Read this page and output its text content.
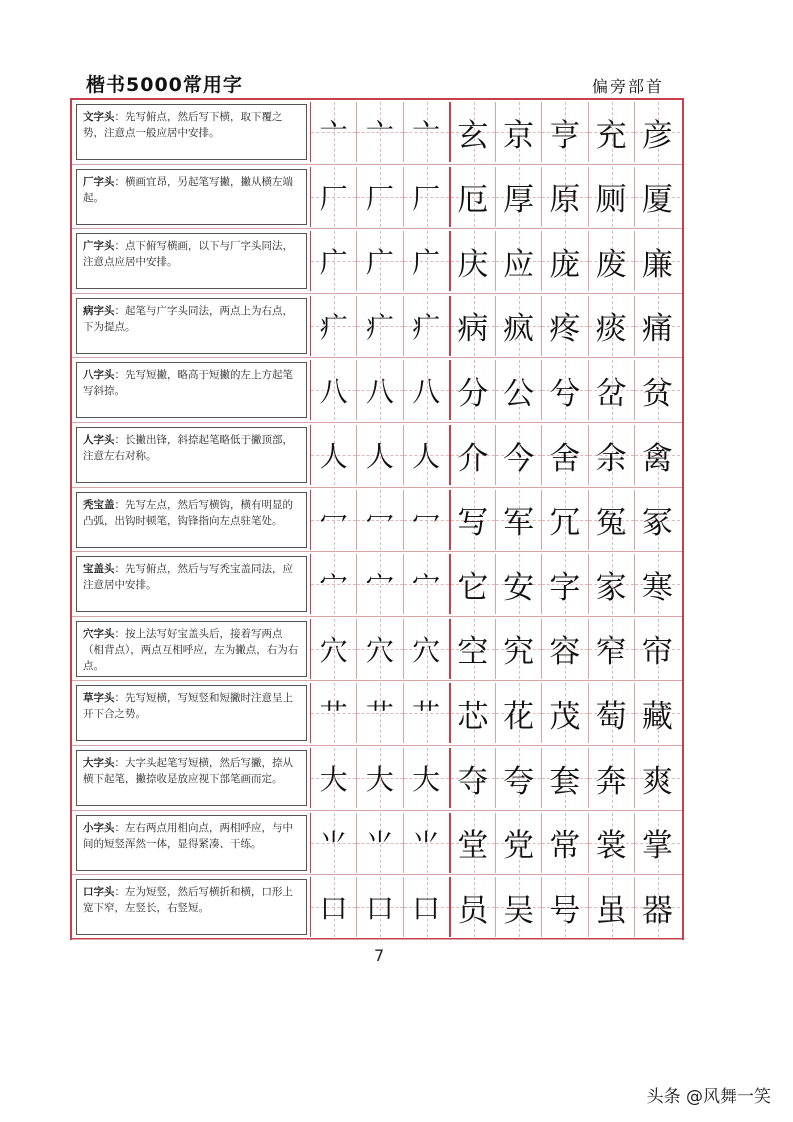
楷书5000常用字	偏旁部首
文字头：先写俯点，然后写下横，取下覆之势，注意点一般应居中安排。	亠 亠 亠 玄 京 亨 充 彦
厂字头：横画宜昂，另起笔写撇，撇从横左端起。	厂 厂 厂 厄 厚 原 厕 厦
广字头：点下俯写横画，以下与厂字头同法，注意点应居中安排。	广 广 广 庆 应 庞 废 廉
病字头：起笔与广字头同法，两点上为右点，下为提点。	疒 疒 疒 病 疯 疼 痰 痛
八字头：先写短撇，略高于短撇的左上方起笔写斜捺。	八 八 八 分 公 兮 岔 贫
人字头：长撇出锋，斜捺起笔略低于撇顶部，注意左右对称。	人 人 人 介 今 舍 余 禽
秃宝盖：先写左点，然后写横钩，横有明显的凸弧，出钩时顿笔，钩锋指向左点驻笔处。	冖 冖 冖 写 军 冗 冤 冢
宝盖头：先写俯点，然后与写秃宝盖同法，应注意居中安排。	宀 宀 宀 它 安 字 家 寒
穴字头：按上法写好宝盖头后，接着写两点（相背点），两点互相呼应，左为撇点，右为右点。	穴 穴 穴 空 究 容 窄 帘
草字头：先写短横，写短竖和短撇时注意呈上开下合之势。	艹 艹 艹 芯 花 茂 萄 藏
大字头：大字头起笔写短横，然后写撇，捺从横下起笔，撇捺收是放应视下部笔画而定。	大 大 大 夺 夸 套 奔 爽
小字头：左右两点用相向点，两相呼应，与中间的短竖浑然一体，显得紧凑、干练。	⺌ ⺌ ⺌ 堂 党 常 裳 掌
口字头：左为短竖，然后写横折和横，口形上宽下窄，左竖长，右竖短。	口 口 口 员 吴 号 虽 器
7
头条 @风舞一笑
